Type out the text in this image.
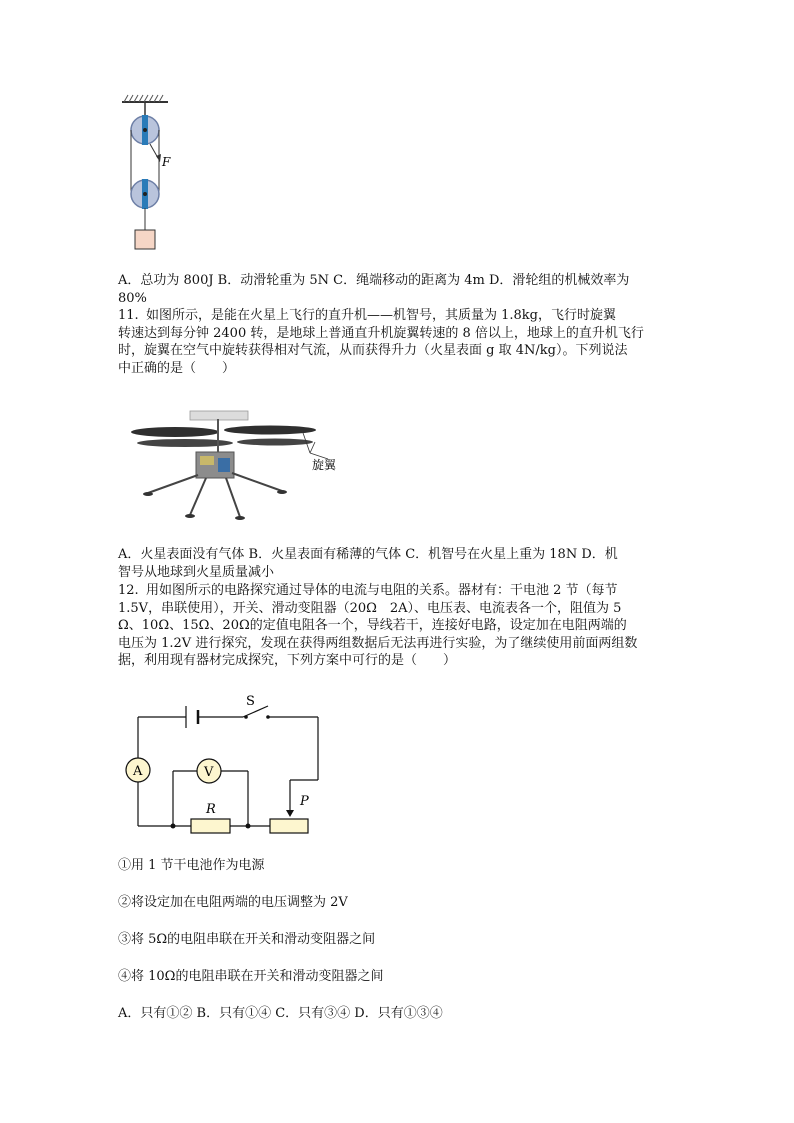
F

A．总功为 800J B．动滑轮重为 5N C．绳端移动的距离为 4m D．滑轮组的机械效率为
80%

11. 如图所示，是能在火星上飞行的直升机——机智号，其质量为 1.8kg，飞行时旋翼
转速达到每分钟 2400 转，是地球上普通直升机旋翼转速的 8 倍以上，地球上的直升机飞行
时，旋翼在空气中旋转获得相对气流，从而获得升力（火星表面 g 取 4N/kg）。下列说法
中正确的是（　　）

旋翼

A．火星表面没有气体 B．火星表面有稀薄的气体 C．机智号在火星上重为 18N D．机
智号从地球到火星质量减小

12. 用如图所示的电路探究通过导体的电流与电阻的关系。器材有：干电池 2 节（每节
1.5V，串联使用），开关、滑动变阻器（20Ω　2A）、电压表、电流表各一个，阻值为 5
Ω、10Ω、15Ω、20Ω的定值电阻各一个，导线若干，连接好电路，设定加在电阻两端的
电压为 1.2V 进行探究，发现在获得两组数据后无法再进行实验，为了继续使用前面两组数
据，利用现有器材完成探究，下列方案中可行的是（　　）

S
A	V
R
P

①用 1 节干电池作为电源

②将设定加在电阻两端的电压调整为 2V

③将 5Ω的电阻串联在开关和滑动变阻器之间

④将 10Ω的电阻串联在开关和滑动变阻器之间

A．只有①② B．只有①④ C．只有③④ D．只有①③④
